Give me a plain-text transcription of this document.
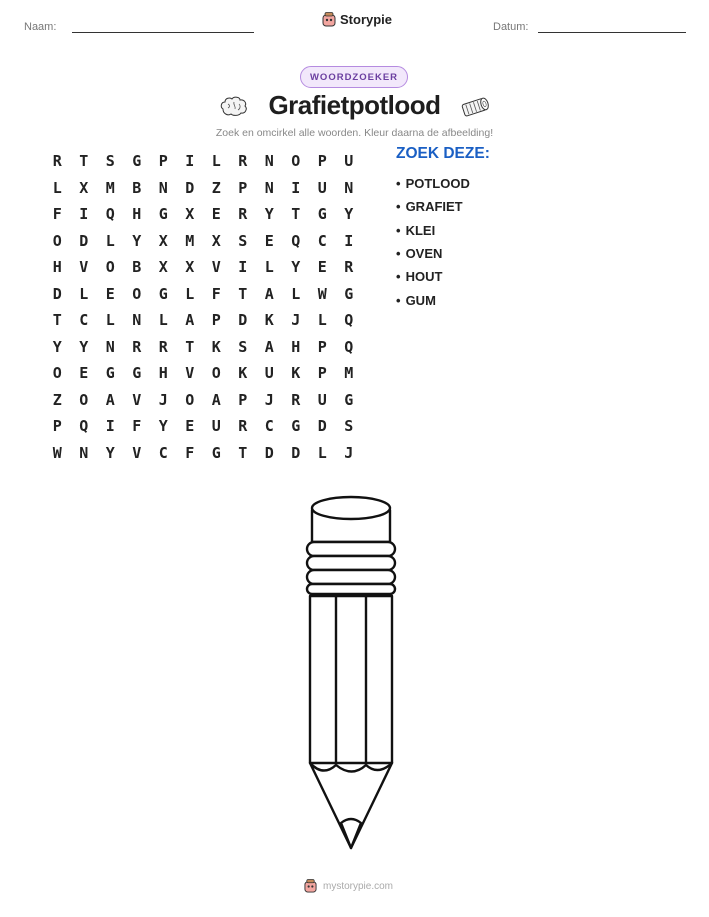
Naam:	Storypie	Datum:
WOORDZOEKER
Grafietpotlood
Zoek en omcirkel alle woorden. Kleur daarna de afbeelding!
R	T	S	G	P	I	L	R	N	O	P	U
L	X	M	B	N	D	Z	P	N	I	U	N
F	I	Q	H	G	X	E	R	Y	T	G	Y
O	D	L	Y	X	M	X	S	E	Q	C	I
H	V	O	B	X	X	V	I	L	Y	E	R
D	L	E	O	G	L	F	T	A	L	W	G
T	C	L	N	L	A	P	D	K	J	L	Q
Y	Y	N	R	R	T	K	S	A	H	P	Q
O	E	G	G	H	V	O	K	U	K	P	M
Z	O	A	V	J	O	A	P	J	R	U	G
P	Q	I	F	Y	E	U	R	C	G	D	S
W	N	Y	V	C	F	G	T	D	D	L	J
ZOEK DEZE:
• POTLOOD
• GRAFIET
• KLEI
• OVEN
• HOUT
• GUM
mystorypie.com
